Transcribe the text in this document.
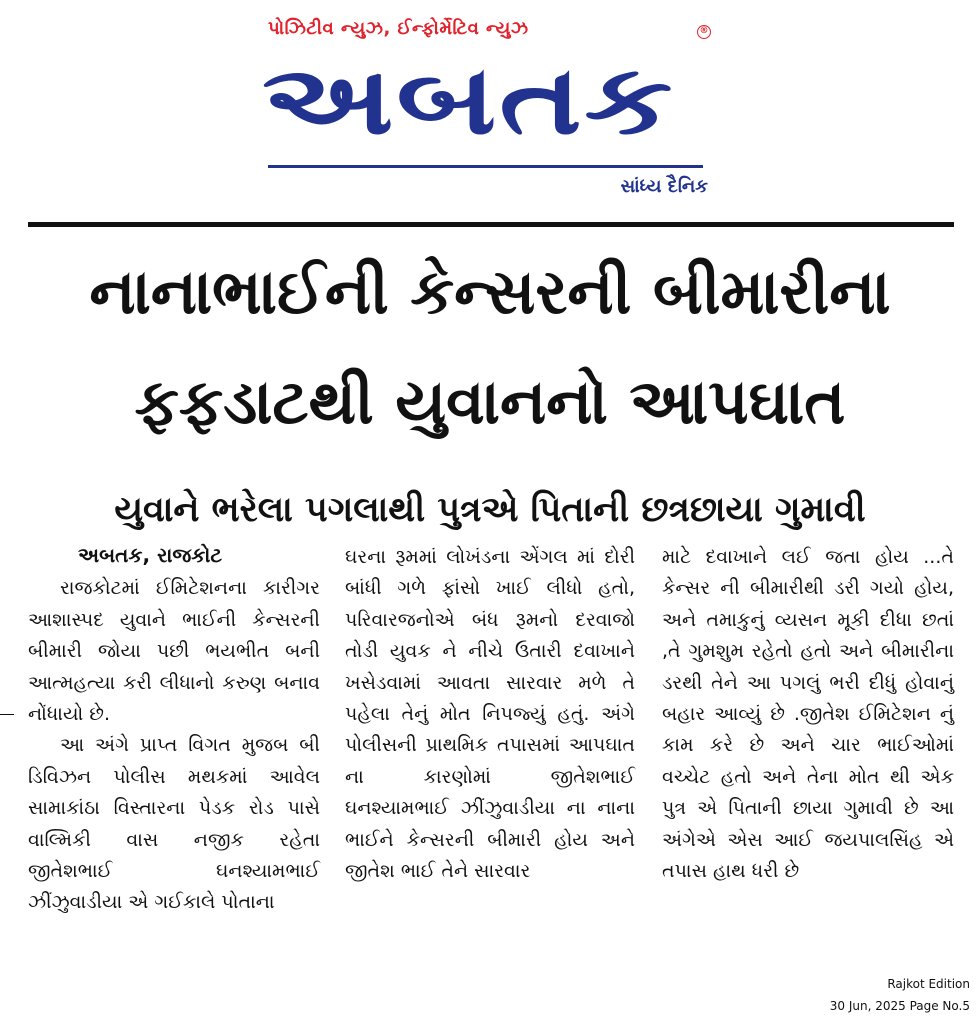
પોઝિટીવ ન્યુઝ, ઈન્ફોર્મેટિવ ન્યુઝ	®
અબતક
સાંધ્ય દૈનિક
નાનાભાઈની કેન્સરની બીમારીના
ફફડાટથી યુવાનનો આપઘાત
યુવાને ભરેલા પગલાથી પુત્રએ પિતાની છત્રછાયા ગુમાવી
અબતક, રાજકોટ
રાજકોટમાં ઈમિટેશનના કારીગર આશાસ્પદ યુવાને ભાઈની કેન્સરની બીમારી જોયા પછી ભયભીત બની આત્મહત્યા કરી લીધાનો કરુણ બનાવ નોંધાયો છે.
આ અંગે પ્રાપ્ત વિગત મુજબ બી ડિવિઝન પોલીસ મથકમાં આવેલ સામાકાંઠા વિસ્તારના પેડક રોડ પાસે વાલ્મિકી વાસ નજીક રહેતા જીતેશભાઈ ઘનશ્યામભાઈ ઝીંઝુવાડીયા એ ગઈકાલે પોતાના
ઘરના રૂમમાં લોખંડના એંગલ માં દોરી બાંધી ગળે ફાંસો ખાઈ લીધો હતો, પરિવારજનોએ બંધ રૂમનો દરવાજો તોડી યુવક ને નીચે ઉતારી દવાખાને ખસેડવામાં આવતા સારવાર મળે તે પહેલા તેનું મોત નિપજ્યું હતું. અંગે પોલીસની પ્રાથમિક તપાસમાં આપઘાત ના કારણોમાં જીતેશભાઈ ઘનશ્યામભાઈ ઝીંઝુવાડીયા ના નાના ભાઈને કેન્સરની બીમારી હોય અને જીતેશ ભાઈ તેને સારવાર
માટે દવાખાને લઈ જતા હોય ...તે કેન્સર ની બીમારીથી ડરી ગયો હોય, અને તમાકુનું વ્યસન મૂકી દીધા છતાં ,તે ગુમશુમ રહેતો હતો અને બીમારીના ડરથી તેને આ પગલું ભરી દીધું હોવાનું બહાર આવ્યું છે .જીતેશ ઈમિટેશન નું કામ કરે છે અને ચાર ભાઈઓમાં વચ્ચેટ હતો અને તેના મોત થી એક પુત્ર એ પિતાની છાયા ગુમાવી છે આ અંગેએ એસ આઈ જયપાલસિંહ એ તપાસ હાથ ધરી છે
Rajkot Edition
30 Jun, 2025 Page No.5
